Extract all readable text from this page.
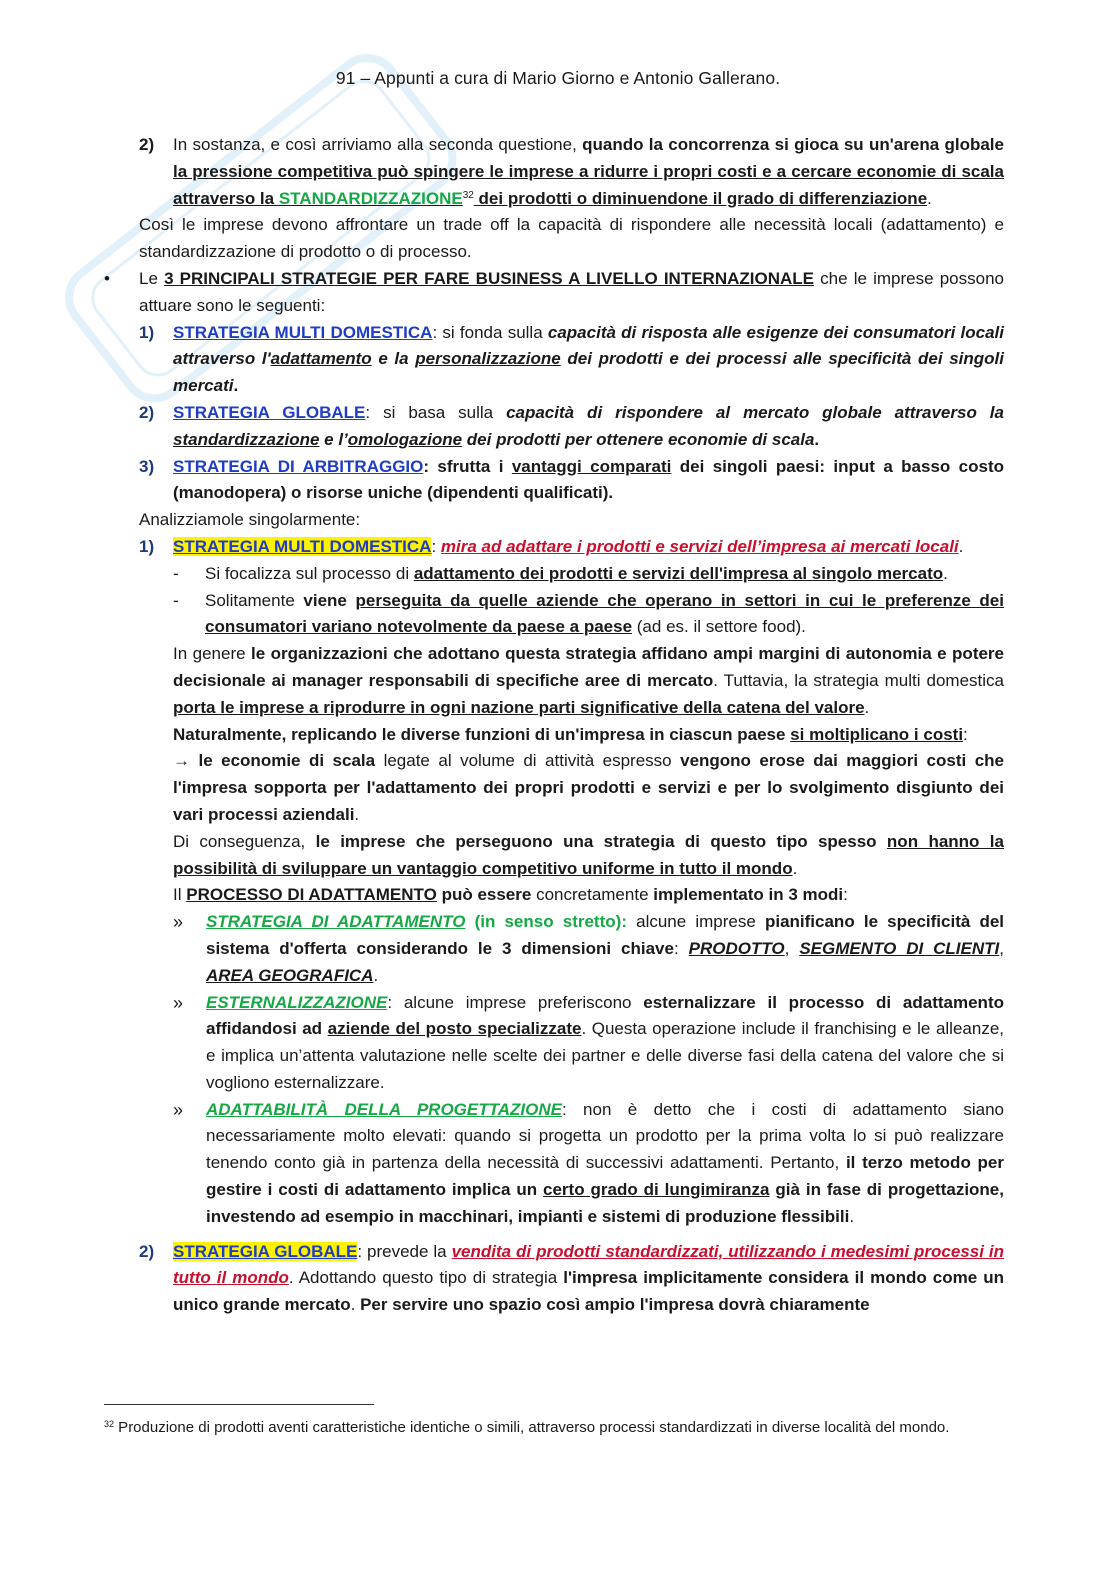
91 – Appunti a cura di Mario Giorno e Antonio Gallerano.
2) In sostanza, e così arriviamo alla seconda questione, quando la concorrenza si gioca su un'arena globale la pressione competitiva può spingere le imprese a ridurre i propri costi e a cercare economie di scala attraverso la STANDARDIZZAZIONE$^{32}$ dei prodotti o diminuendone il grado di differenziazione.

Così le imprese devono affrontare un trade off la capacità di rispondere alle necessità locali (adattamento) e standardizzazione di prodotto o di processo.

• Le 3 PRINCIPALI STRATEGIE PER FARE BUSINESS A LIVELLO INTERNAZIONALE che le imprese possono attuare sono le seguenti:
1) STRATEGIA MULTI DOMESTICA: si fonda sulla capacità di risposta alle esigenze dei consumatori locali attraverso l'adattamento e la personalizzazione dei prodotti e dei processi alle specificità dei singoli mercati.
2) STRATEGIA GLOBALE: si basa sulla capacità di rispondere al mercato globale attraverso la standardizzazione e l’omologazione dei prodotti per ottenere economie di scala.
3) STRATEGIA DI ARBITRAGGIO: sfrutta i vantaggi comparati dei singoli paesi: input a basso costo (manodopera) o risorse uniche (dipendenti qualificati).

Analizziamole singolarmente:

1) STRATEGIA MULTI DOMESTICA: mira ad adattare i prodotti e servizi dell’impresa ai mercati locali.
- Si focalizza sul processo di adattamento dei prodotti e servizi dell'impresa al singolo mercato.
- Solitamente viene perseguita da quelle aziende che operano in settori in cui le preferenze dei consumatori variano notevolmente da paese a paese (ad es. il settore food).

In genere le organizzazioni che adottano questa strategia affidano ampi margini di autonomia e potere decisionale ai manager responsabili di specifiche aree di mercato. Tuttavia, la strategia multi domestica porta le imprese a riprodurre in ogni nazione parti significative della catena del valore.

Naturalmente, replicando le diverse funzioni di un'impresa in ciascun paese si moltiplicano i costi:
→ le economie di scala legate al volume di attività espresso vengono erose dai maggiori costi che l'impresa sopporta per l'adattamento dei propri prodotti e servizi e per lo svolgimento disgiunto dei vari processi aziendali.

Di conseguenza, le imprese che perseguono una strategia di questo tipo spesso non hanno la possibilità di sviluppare un vantaggio competitivo uniforme in tutto il mondo.

Il PROCESSO DI ADATTAMENTO può essere concretamente implementato in 3 modi:

» STRATEGIA DI ADATTAMENTO (in senso stretto): alcune imprese pianificano le specificità del sistema d'offerta considerando le 3 dimensioni chiave: PRODOTTO, SEGMENTO DI CLIENTI, AREA GEOGRAFICA.
» ESTERNALIZZAZIONE: alcune imprese preferiscono esternalizzare il processo di adattamento affidandosi ad aziende del posto specializzate. Questa operazione include il franchising e le alleanze, e implica un’attenta valutazione nelle scelte dei partner e delle diverse fasi della catena del valore che si vogliono esternalizzare.
» ADATTABILITÀ DELLA PROGETTAZIONE: non è detto che i costi di adattamento siano necessariamente molto elevati: quando si progetta un prodotto per la prima volta lo si può realizzare tenendo conto già in partenza della necessità di successivi adattamenti. Pertanto, il terzo metodo per gestire i costi di adattamento implica un certo grado di lungimiranza già in fase di progettazione, investendo ad esempio in macchinari, impianti e sistemi di produzione flessibili.
2) STRATEGIA GLOBALE: prevede la vendita di prodotti standardizzati, utilizzando i medesimi processi in tutto il mondo. Adottando questo tipo di strategia l'impresa implicitamente considera il mondo come un unico grande mercato. Per servire uno spazio così ampio l'impresa dovrà chiaramente
$^{32}$ Produzione di prodotti aventi caratteristiche identiche o simili, attraverso processi standardizzati in diverse località del mondo.
